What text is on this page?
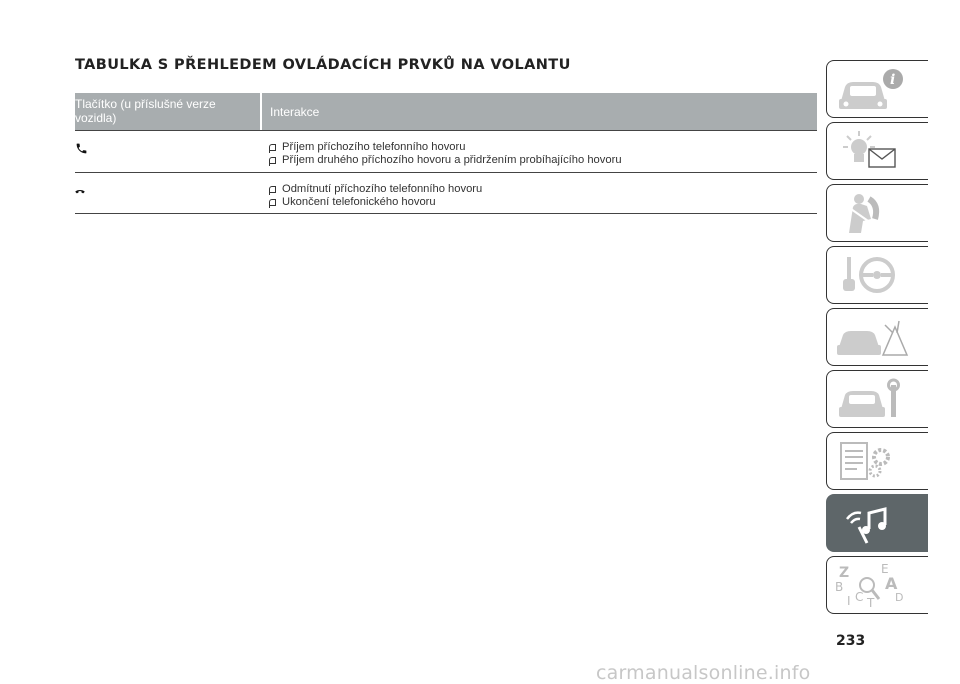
TABULKA S PŘEHLEDEM OVLÁDACÍCH PRVKŮ NA VOLANTU
Tlačítko (u příslušné verze
vozidla)	Interakce
Příjem příchozího telefonního hovoru
Příjem druhého příchozího hovoru a přidržením probíhajícího hovoru
Odmítnutí příchozího telefonního hovoru
Ukončení telefonického hovoru
i
Z	E
A
B
C T D
I
233
carmanualsonline.info
